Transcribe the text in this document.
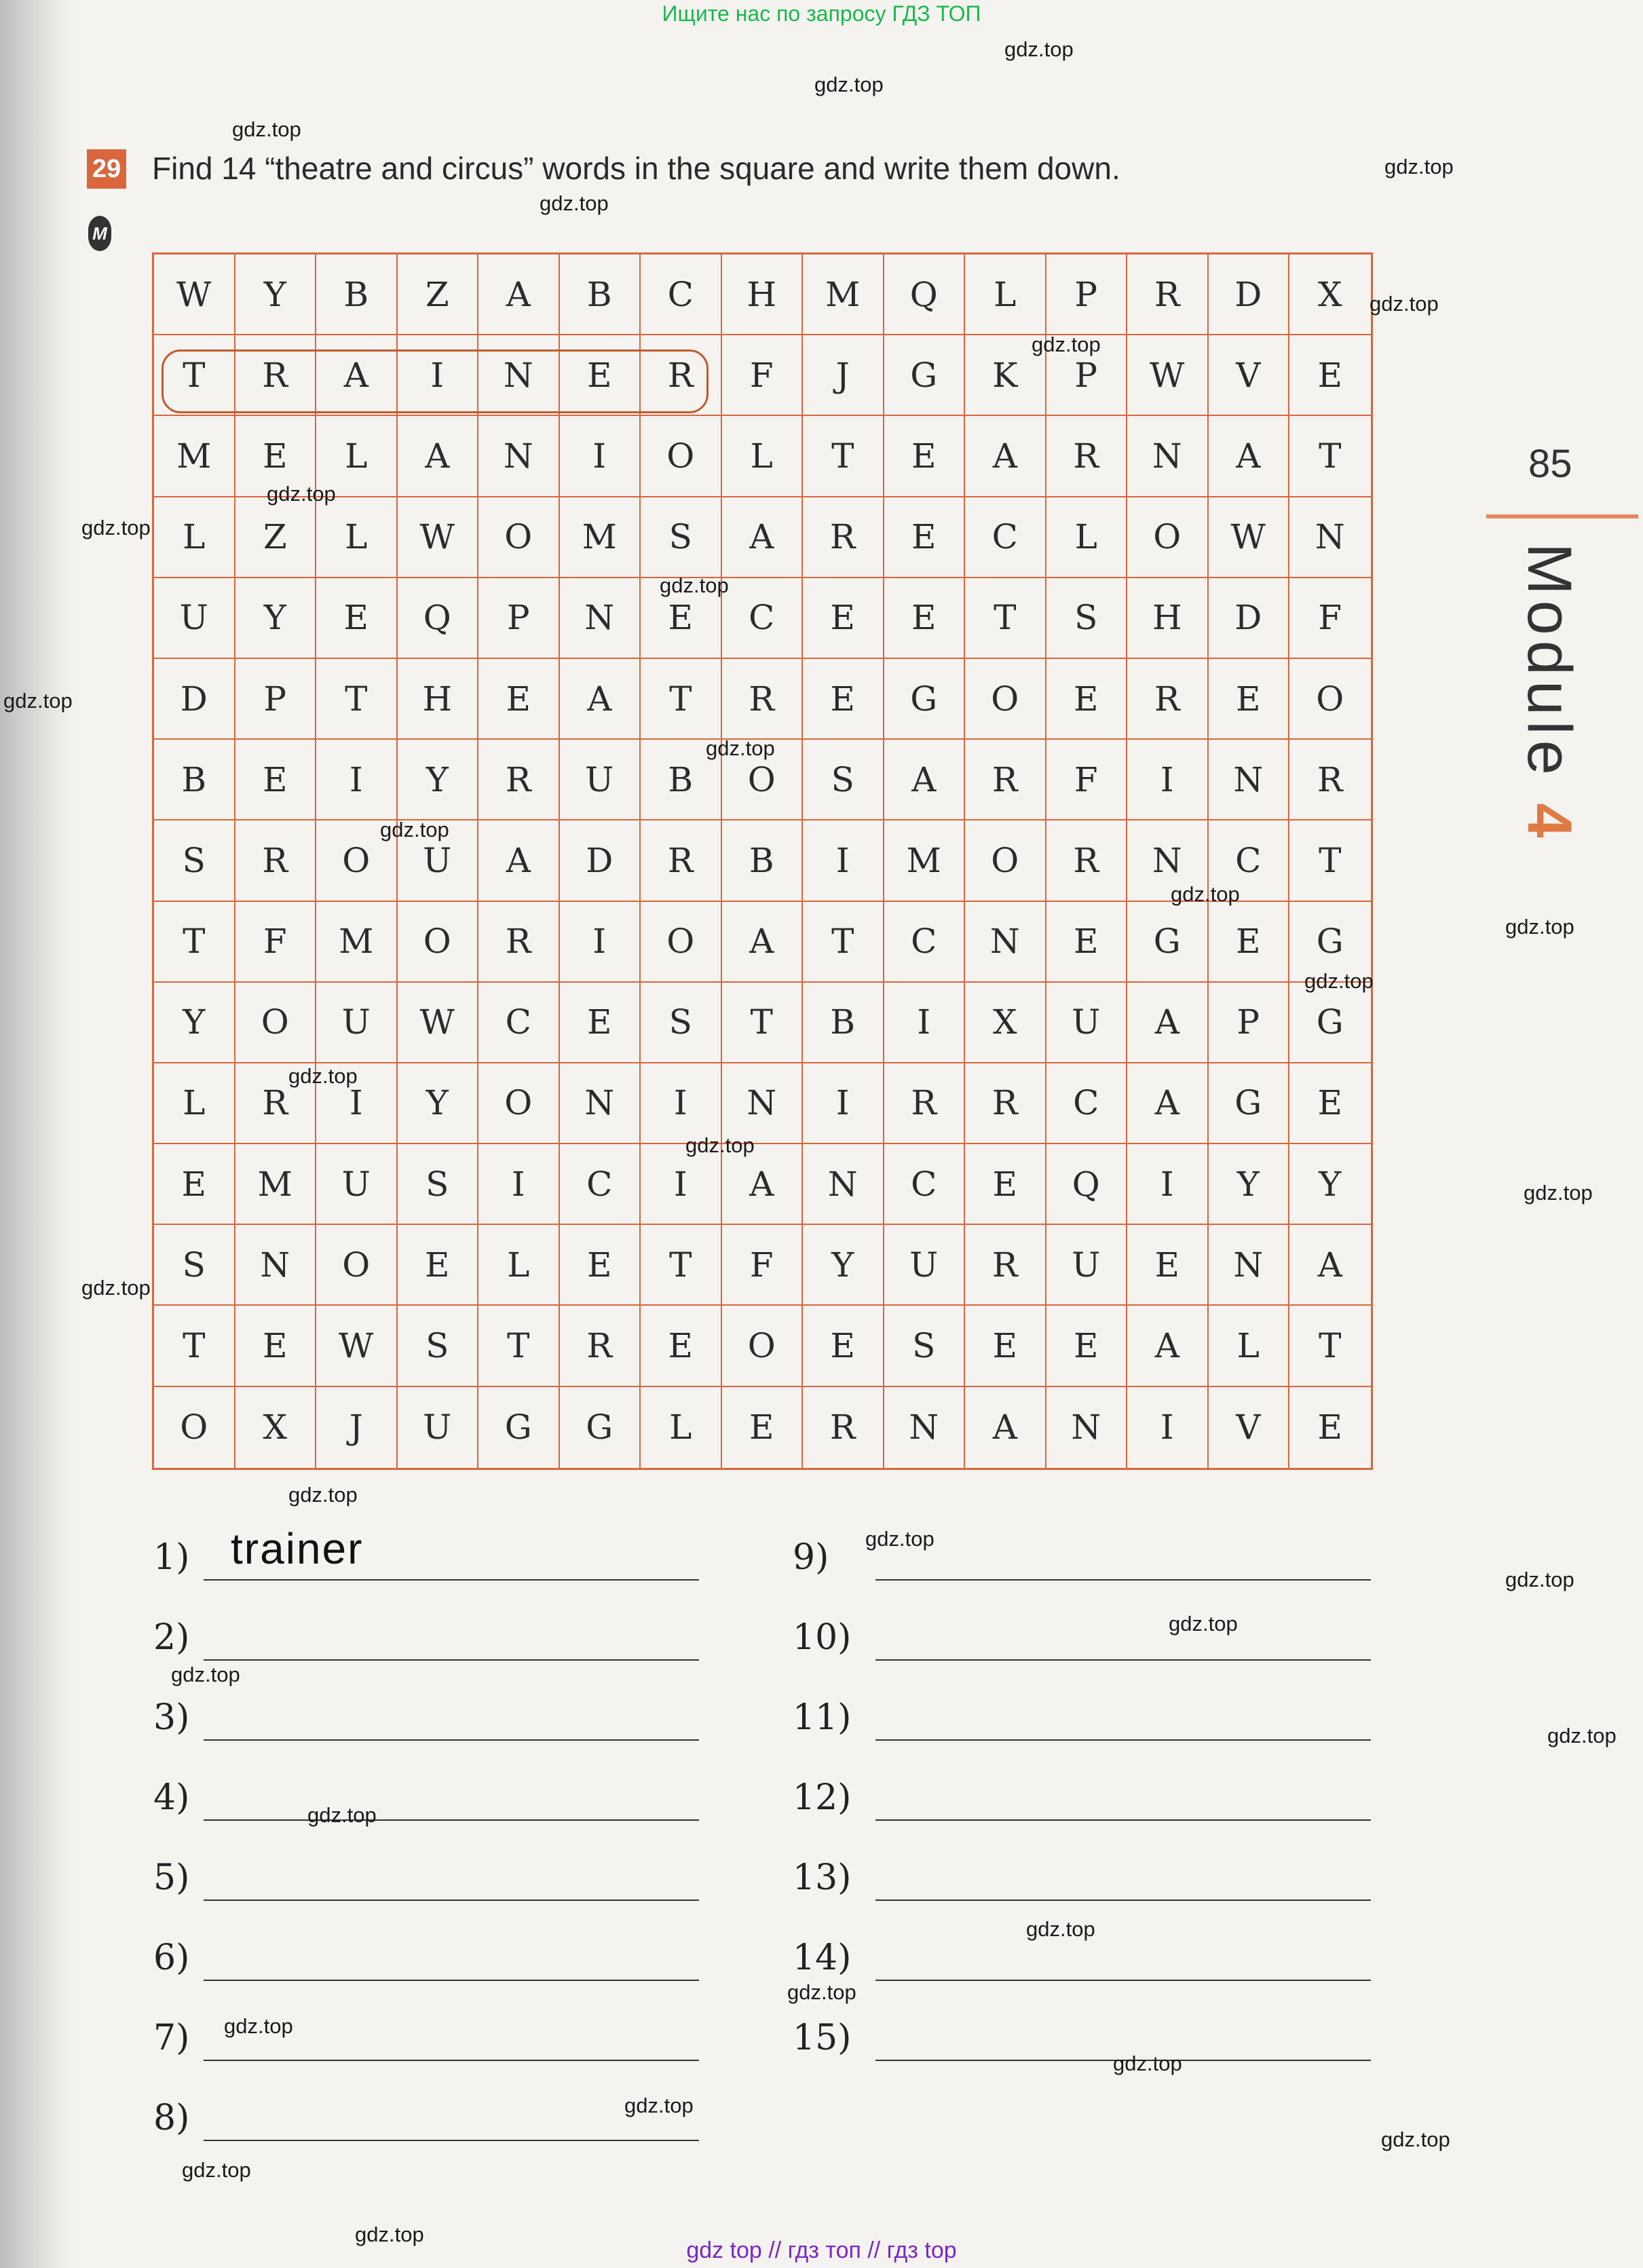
Ищите нас по запросу ГДЗ ТОП
29
M
Find 14 “theatre and circus” words in the square and write them down.
W	Y	B	Z	A	B	C	H	M	Q	L	P	R	D	X
T	R	A	I	N	E	R	F	J	G	K	P	W	V	E
M	E	L	A	N	I	O	L	T	E	A	R	N	A	T
L	Z	L	W	O	M	S	A	R	E	C	L	O	W	N
U	Y	E	Q	P	N	E	C	E	E	T	S	H	D	F
D	P	T	H	E	A	T	R	E	G	O	E	R	E	O
B	E	I	Y	R	U	B	O	S	A	R	F	I	N	R
S	R	O	U	A	D	R	B	I	M	O	R	N	C	T
T	F	M	O	R	I	O	A	T	C	N	E	G	E	G
Y	O	U	W	C	E	S	T	B	I	X	U	A	P	G
L	R	I	Y	O	N	I	N	I	R	R	C	A	G	E
E	M	U	S	I	C	I	A	N	C	E	Q	I	Y	Y
S	N	O	E	L	E	T	F	Y	U	R	U	E	N	A
T	E	W	S	T	R	E	O	E	S	E	E	A	L	T
O	X	J	U	G	G	L	E	R	N	A	N	I	V	E
85
Module 4
1) trainer
2)
3)
4)
5)
6)
7)
8)
9)
10)
11)
12)
13)
14)
15)
gdz.top
gdz.top
gdz.top
gdz.top
gdz.top
gdz.top
gdz.top
gdz.top
gdz.top
gdz.top
gdz.top
gdz.top
gdz.top
gdz.top
gdz.top
gdz.top
gdz.top
gdz.top
gdz.top
gdz.top
gdz.top
gdz.top
gdz.top
gdz.top
gdz.top
gdz.top
gdz.top
gdz.top
gdz.top
gdz.top
gdz.top
gdz.top
gdz.top
gdz.top
gdz.top
gdz top // гдз топ // гдз top
